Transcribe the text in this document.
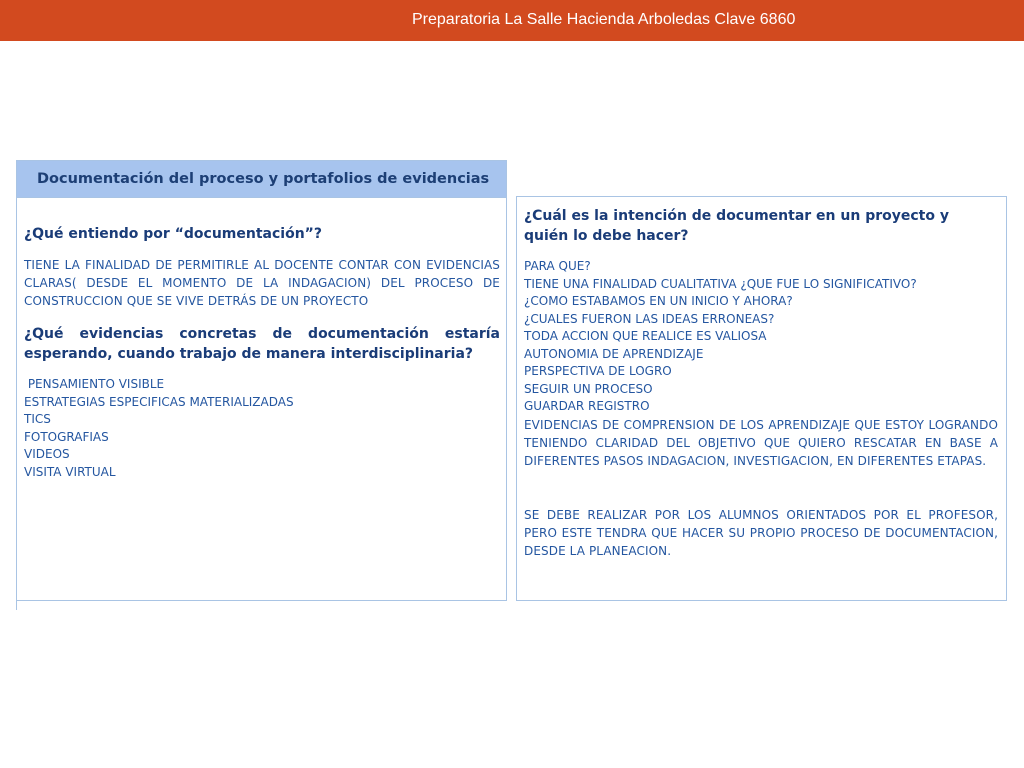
Preparatoria La Salle Hacienda Arboledas Clave 6860
Documentación del proceso y portafolios de evidencias
¿Qué entiendo por “documentación”?
TIENE LA FINALIDAD DE PERMITIRLE AL DOCENTE CONTAR CON EVIDENCIAS CLARAS( DESDE EL MOMENTO DE LA INDAGACION) DEL PROCESO DE CONSTRUCCION QUE SE VIVE DETRÁS DE UN PROYECTO
¿Qué evidencias concretas de documentación estaría esperando, cuando trabajo de manera interdisciplinaria?
PENSAMIENTO VISIBLE
ESTRATEGIAS ESPECIFICAS MATERIALIZADAS
TICS
FOTOGRAFIAS
VIDEOS
VISITA VIRTUAL
¿Cuál es la intención de documentar en un proyecto y quién lo debe hacer?
PARA QUE?
TIENE UNA FINALIDAD CUALITATIVA ¿QUE FUE LO SIGNIFICATIVO?
¿COMO ESTABAMOS EN UN INICIO Y AHORA?
¿CUALES FUERON LAS IDEAS ERRONEAS?
TODA ACCION QUE REALICE ES VALIOSA
AUTONOMIA DE APRENDIZAJE
PERSPECTIVA DE LOGRO
SEGUIR UN PROCESO
GUARDAR REGISTRO
EVIDENCIAS DE COMPRENSION DE LOS APRENDIZAJE QUE ESTOY LOGRANDO TENIENDO CLARIDAD DEL OBJETIVO QUE QUIERO RESCATAR EN BASE A DIFERENTES PASOS INDAGACION, INVESTIGACION, EN DIFERENTES ETAPAS.
SE DEBE REALIZAR POR LOS ALUMNOS ORIENTADOS POR EL PROFESOR, PERO ESTE TENDRA QUE HACER SU PROPIO PROCESO DE DOCUMENTACION, DESDE LA PLANEACION.
